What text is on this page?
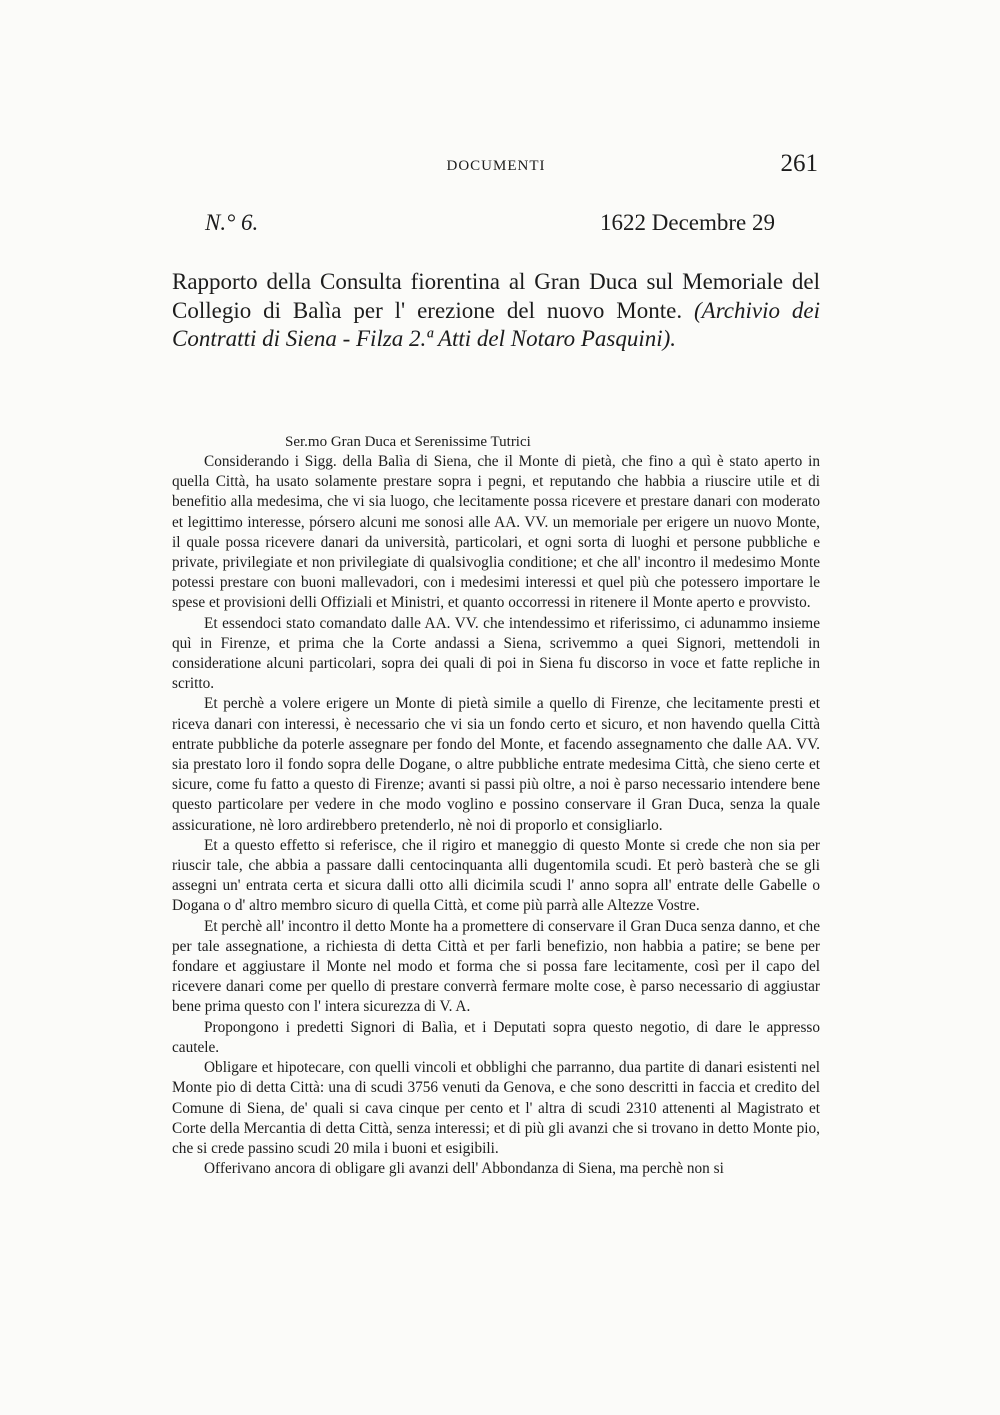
DOCUMENTI	261
N.° 6.	1622 Decembre 29

Rapporto della Consulta fiorentina al Gran Duca sul Memoriale del Collegio di Balìa per l' erezione del nuovo Monte. (Archivio dei Contratti di Siena - Filza 2.ª Atti del Notaro Pasquini).

Ser.mo Gran Duca et Serenissime Tutrici

Considerando i Sigg. della Balìa di Siena, che il Monte di pietà, che fino a quì è stato aperto in quella Città, ha usato solamente prestare sopra i pegni, et reputando che habbia a riuscire utile et di benefitio alla medesima, che vi sia luogo, che lecitamente possa ricevere et prestare danari con moderato et legittimo interesse, pórsero alcuni me sonosi alle AA. VV. un memoriale per erigere un nuovo Monte, il quale possa ricevere danari da università, particolari, et ogni sorta di luoghi et persone pubbliche e private, privilegiate et non privilegiate di qualsivoglia conditione; et che all' incontro il medesimo Monte potessi prestare con buoni mallevadori, con i medesimi interessi et quel più che potessero importare le spese et provisioni delli Offiziali et Ministri, et quanto occorressi in ritenere il Monte aperto e provvisto.

Et essendoci stato comandato dalle AA. VV. che intendessimo et riferissimo, ci adunammo insieme quì in Firenze, et prima che la Corte andassi a Siena, scrivemmo a quei Signori, mettendoli in consideratione alcuni particolari, sopra dei quali di poi in Siena fu discorso in voce et fatte repliche in scritto.

Et perchè a volere erigere un Monte di pietà simile a quello di Firenze, che lecitamente presti et riceva danari con interessi, è necessario che vi sia un fondo certo et sicuro, et non havendo quella Città entrate pubbliche da poterle assegnare per fondo del Monte, et facendo assegnamento che dalle AA. VV. sia prestato loro il fondo sopra delle Dogane, o altre pubbliche entrate medesima Città, che sieno certe et sicure, come fu fatto a questo di Firenze; avanti si passi più oltre, a noi è parso necessario intendere bene questo particolare per vedere in che modo voglino e possino conservare il Gran Duca, senza la quale assicuratione, nè loro ardirebbero pretenderlo, nè noi di proporlo et consigliarlo.

Et a questo effetto si referisce, che il rigiro et maneggio di questo Monte si crede che non sia per riuscir tale, che abbia a passare dalli centocinquanta alli dugentomila scudi. Et però basterà che se gli assegni un' entrata certa et sicura dalli otto alli dicimila scudi l' anno sopra all' entrate delle Gabelle o Dogana o d' altro membro sicuro di quella Città, et come più parrà alle Altezze Vostre.

Et perchè all' incontro il detto Monte ha a promettere di conservare il Gran Duca senza danno, et che per tale assegnatione, a richiesta di detta Città et per farli benefizio, non habbia a patire; se bene per fondare et aggiustare il Monte nel modo et forma che si possa fare lecitamente, così per il capo del ricevere danari come per quello di prestare converrà fermare molte cose, è parso necessario di aggiustar bene prima questo con l' intera sicurezza di V. A.

Propongono i predetti Signori di Balìa, et i Deputati sopra questo negotio, di dare le appresso cautele.

Obligare et hipotecare, con quelli vincoli et obblighi che parranno, dua partite di danari esistenti nel Monte pio di detta Città: una di scudi 3756 venuti da Genova, e che sono descritti in faccia et credito del Comune di Siena, de' quali si cava cinque per cento et l' altra di scudi 2310 attenenti al Magistrato et Corte della Mercantia di detta Città, senza interessi; et di più gli avanzi che si trovano in detto Monte pio, che si crede passino scudi 20 mila i buoni et esigibili.

Offerivano ancora di obligare gli avanzi dell' Abbondanza di Siena, ma perchè non si
